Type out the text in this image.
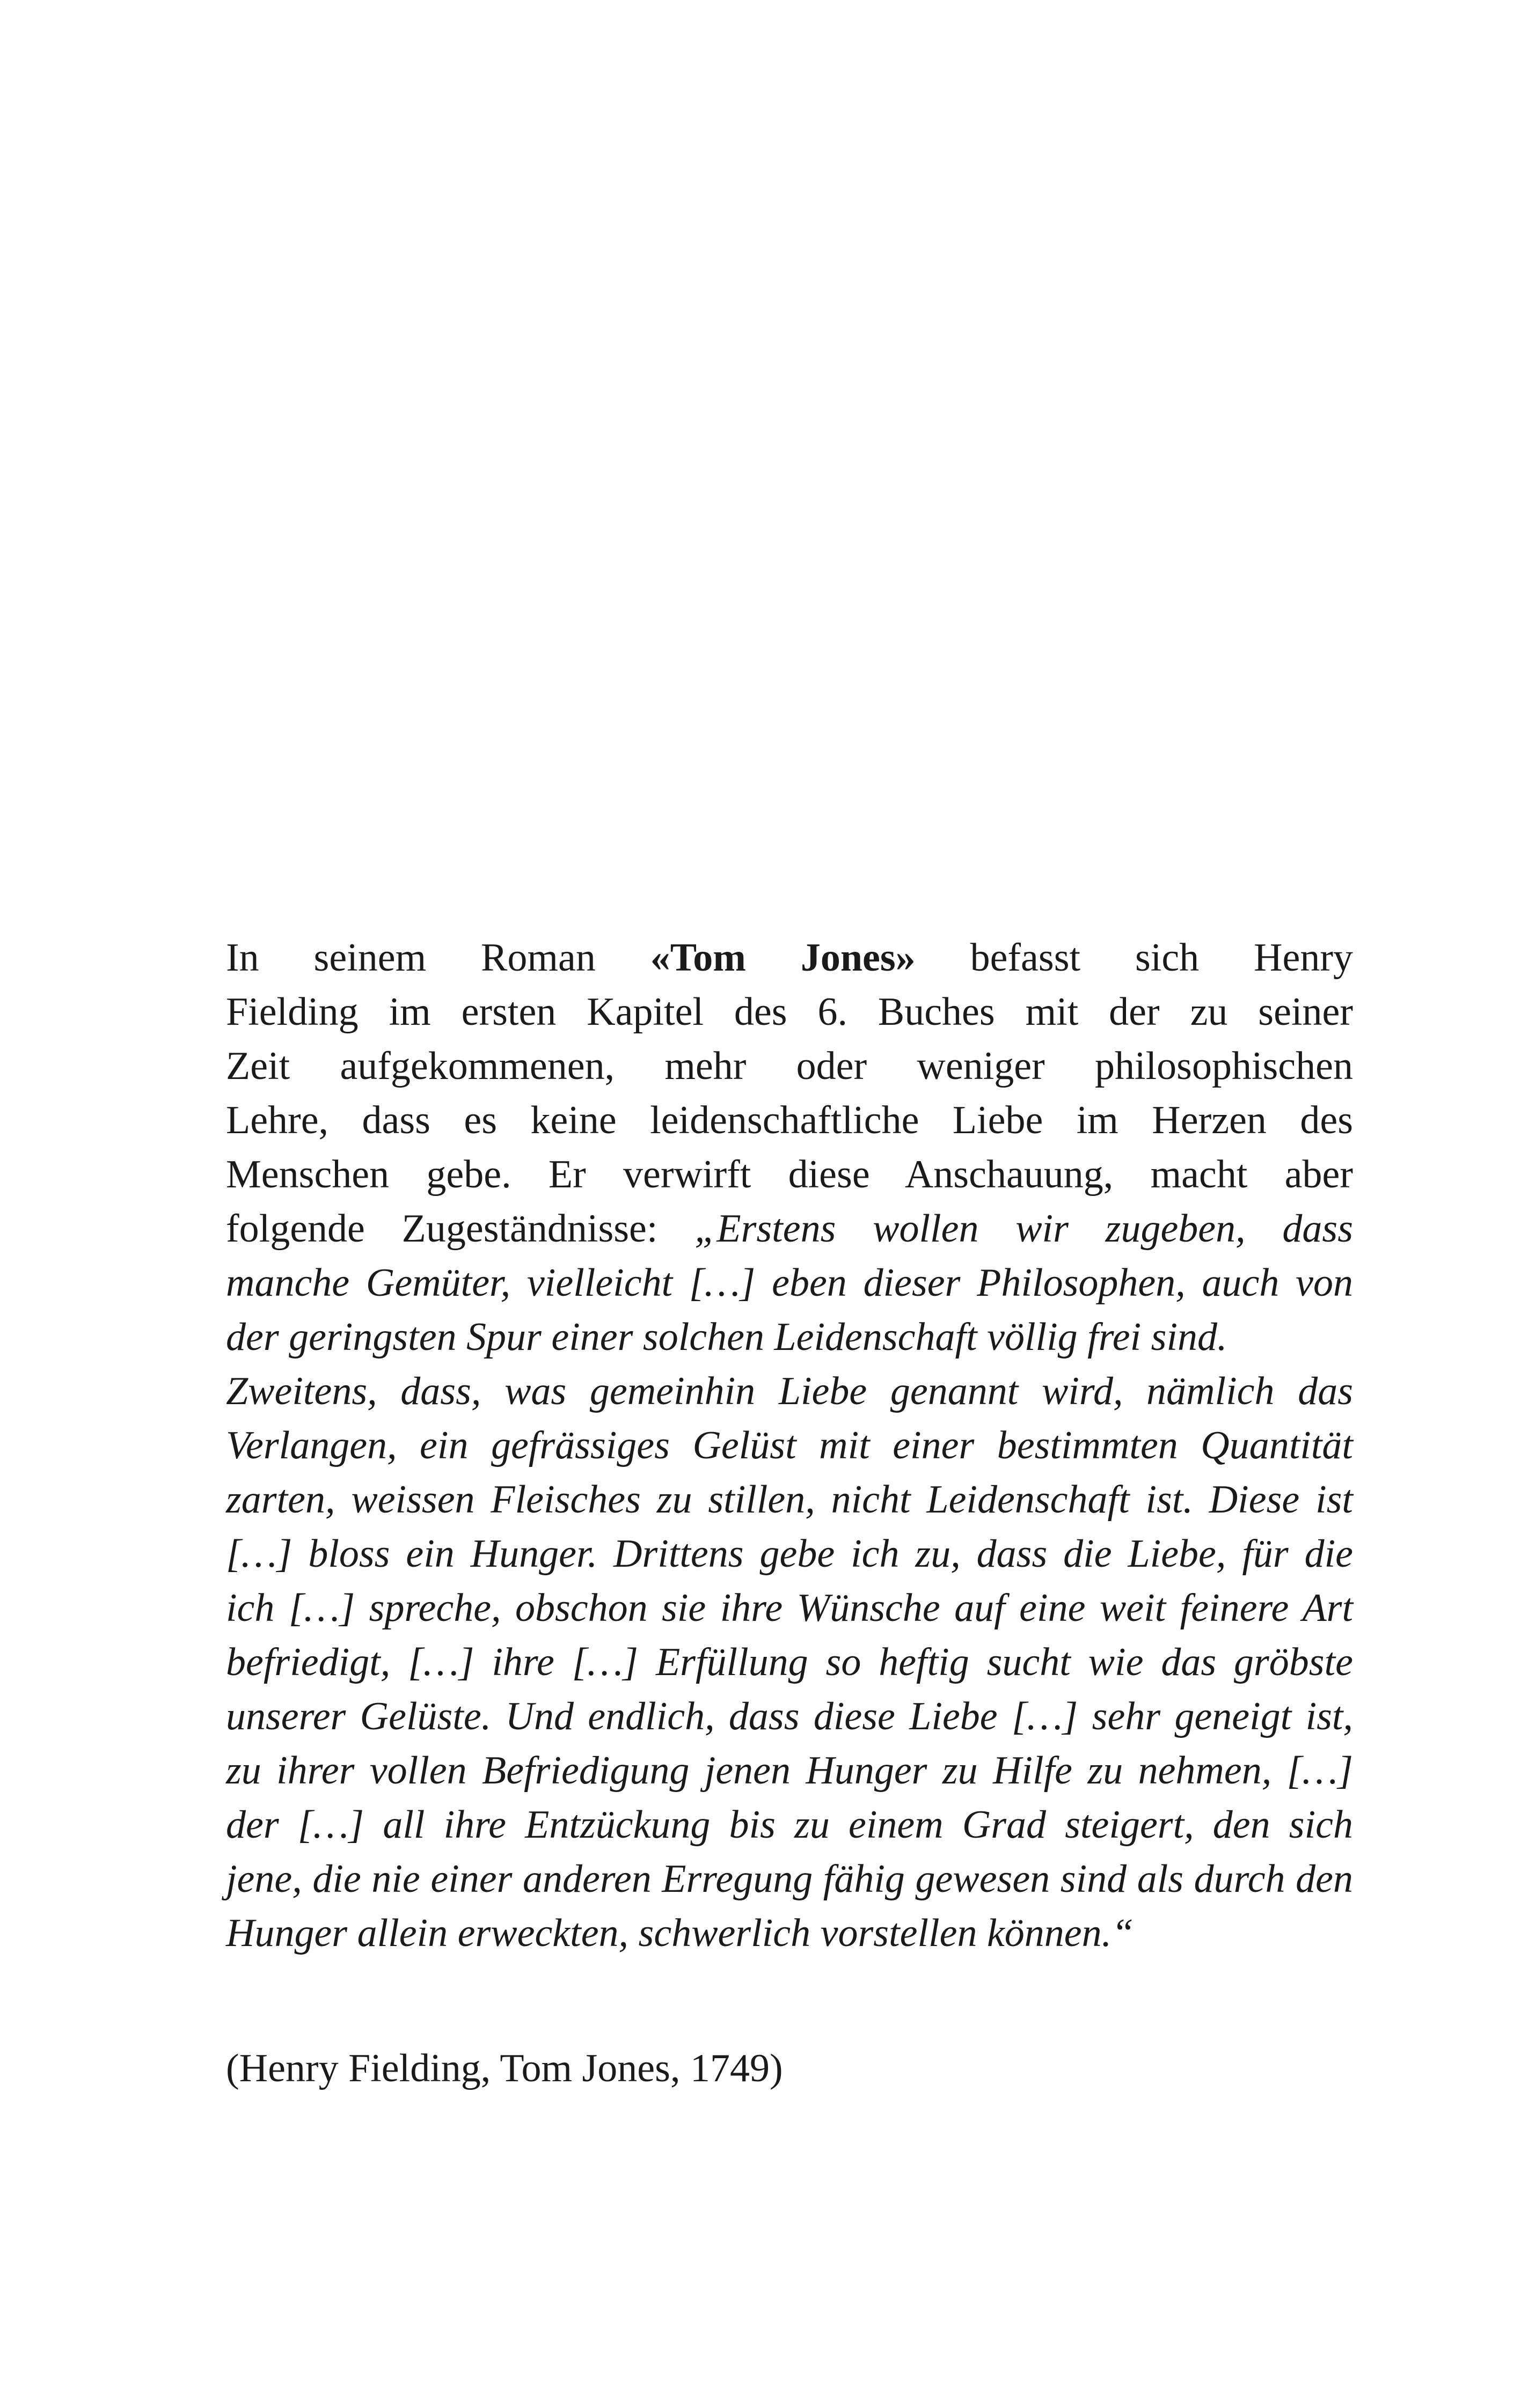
In seinem Roman «Tom Jones» befasst sich Henry
Fielding im ersten Kapitel des 6. Buches mit der zu seiner
Zeit aufgekommenen, mehr oder weniger philosophischen
Lehre, dass es keine leidenschaftliche Liebe im Herzen des
Menschen gebe. Er verwirft diese Anschauung, macht aber
folgende Zugeständnisse: „Erstens wollen wir zugeben, dass
manche Gemüter, vielleicht […] eben dieser Philosophen, auch von
der geringsten Spur einer solchen Leidenschaft völlig frei sind.
Zweitens, dass, was gemeinhin Liebe genannt wird, nämlich das
Verlangen, ein gefrässiges Gelüst mit einer bestimmten Quantität
zarten, weissen Fleisches zu stillen, nicht Leidenschaft ist. Diese ist
[…] bloss ein Hunger. Drittens gebe ich zu, dass die Liebe, für die
ich […] spreche, obschon sie ihre Wünsche auf eine weit feinere Art
befriedigt, […] ihre […] Erfüllung so heftig sucht wie das gröbste
unserer Gelüste. Und endlich, dass diese Liebe […] sehr geneigt ist,
zu ihrer vollen Befriedigung jenen Hunger zu Hilfe zu nehmen, […]
der […] all ihre Entzückung bis zu einem Grad steigert, den sich
jene, die nie einer anderen Erregung fähig gewesen sind als durch den
Hunger allein erweckten, schwerlich vorstellen können.“
(Henry Fielding, Tom Jones, 1749)
